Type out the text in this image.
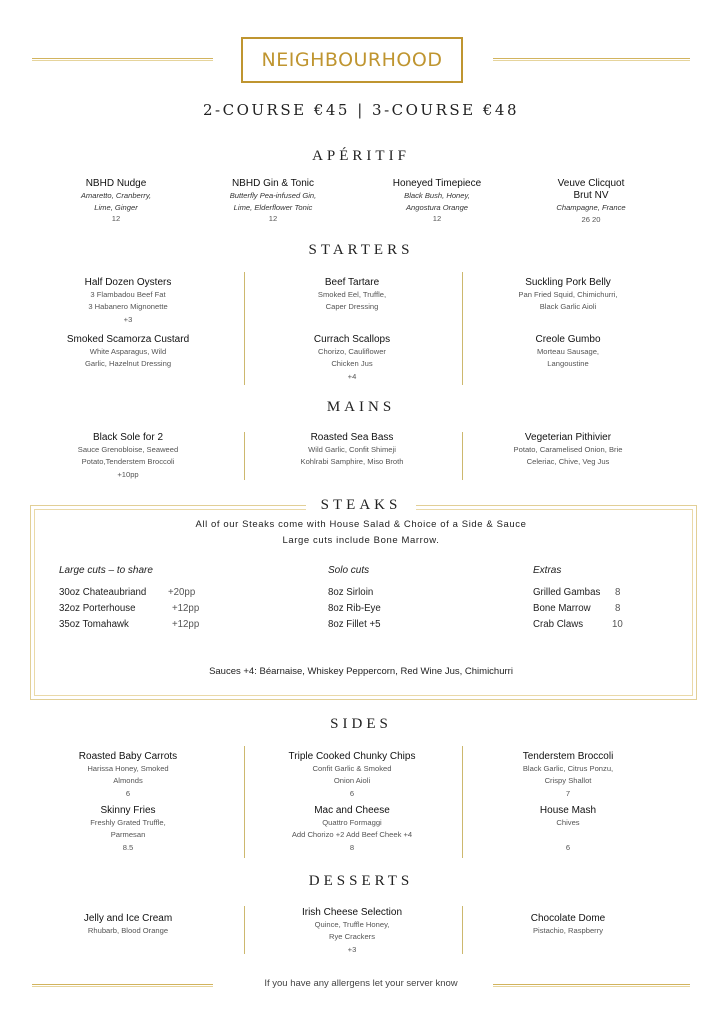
NEIGHBOURHOOD
2-COURSE €45 | 3-COURSE €48
APÉRITIF
STARTERS
MAINS
STEAKS
All of our Steaks come with House Salad & Choice of a Side & Sauce
Large cuts include Bone Marrow.
Large cuts – to share	Solo cuts	Extras
30oz Chateaubriand +20pp
32oz Porterhouse	+12pp
35oz Tomahawk	+12pp
8oz Sirloin
8oz Rib-Eye
8oz Fillet +5
Grilled Gambas 8
Bone Marrow	8
Crab Claws	10
Sauces +4: Béarnaise, Whiskey Peppercorn, Red Wine Jus, Chimichurri
SIDES
DESSERTS
NBHD Nudge
Amaretto, Cranberry,
Lime, Ginger
12
NBHD Gin & Tonic
Butterfly Pea-infused Gin,
Lime, Elderflower Tonic
12
Honeyed Timepiece
Black Bush, Honey,
Angostura Orange
12
Veuve Clicquot
Brut NV
Champagne, France
26 20
Half Dozen Oysters
3 Flambadou Beef Fat
3 Habanero Mignonette
+3
Beef Tartare
Smoked Eel, Truffle,
Caper Dressing
Suckling Pork Belly
Pan Fried Squid, Chimichurri,
Black Garlic Aioli
Smoked Scamorza Custard
White Asparagus, Wild
Garlic, Hazelnut Dressing
Currach Scallops
Chorizo, Cauliflower
Chicken Jus
+4
Creole Gumbo
Morteau Sausage,
Langoustine
Black Sole for 2
Sauce Grenobloise, Seaweed
Potato,Tenderstem Broccoli
+10pp
Roasted Sea Bass
Wild Garlic, Confit Shimeji
Kohlrabi Samphire, Miso Broth
Vegeterian Pithivier
Potato, Caramelised Onion, Brie
Celeriac, Chive, Veg Jus
Roasted Baby Carrots
Harissa Honey, Smoked
Almonds
6
Triple Cooked Chunky Chips
Confit Garlic & Smoked
Onion Aioli
6
Tenderstem Broccoli
Black Garlic, Citrus Ponzu,
Crispy Shallot
7
Skinny Fries
Freshly Grated Truffle,
Parmesan
8.5
Mac and Cheese
Quattro Formaggi
Add Chorizo +2 Add Beef Cheek +4
8
House Mash
Chives

6
Jelly and Ice Cream
Rhubarb, Blood Orange
Irish Cheese Selection
Quince, Truffle Honey,
Rye Crackers
+3
Chocolate Dome
Pistachio, Raspberry
If you have any allergens let your server know
